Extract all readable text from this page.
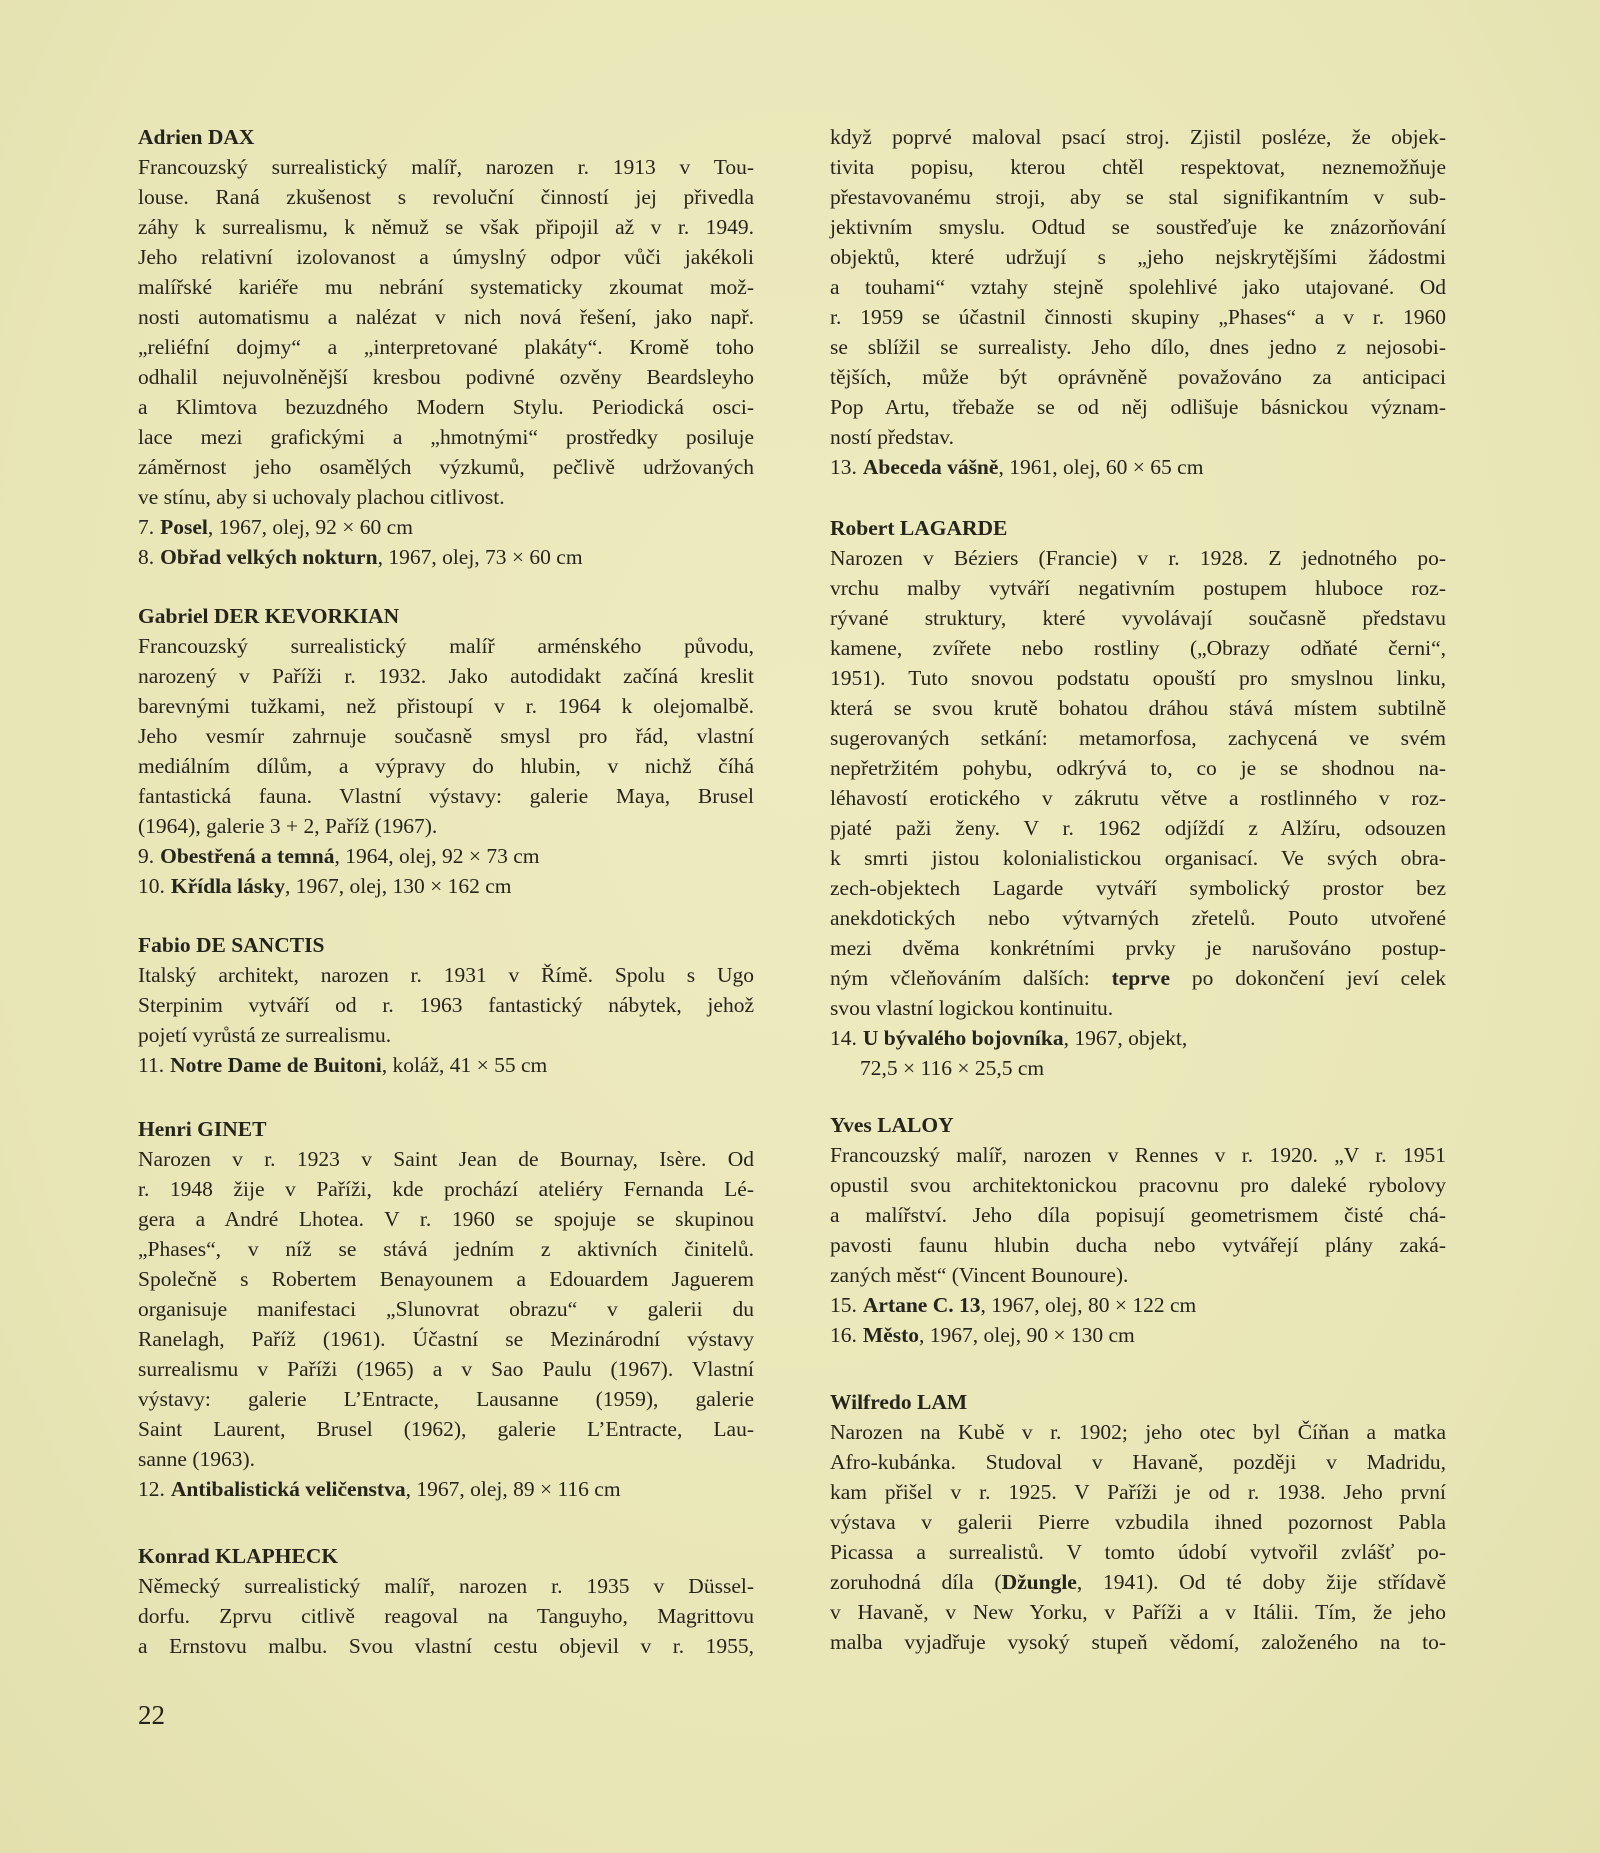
Adrien DAX
Francouzský surrealistický malíř, narozen r. 1913 v Tou-
louse. Raná zkušenost s revoluční činností jej přivedla
záhy k surrealismu, k němuž se však připojil až v r. 1949.
Jeho relativní izolovanost a úmyslný odpor vůči jakékoli
malířské kariéře mu nebrání systematicky zkoumat mož-
nosti automatismu a nalézat v nich nová řešení, jako např.
„reliéfní dojmy“ a „interpretované plakáty“. Kromě toho
odhalil nejuvolněnější kresbou podivné ozvěny Beardsleyho
a Klimtova bezuzdného Modern Stylu. Periodická osci-
lace mezi grafickými a „hmotnými“ prostředky posiluje
záměrnost jeho osamělých výzkumů, pečlivě udržovaných
ve stínu, aby si uchovaly plachou citlivost.
7. Posel, 1967, olej, 92 × 60 cm
8. Obřad velkých nokturn, 1967, olej, 73 × 60 cm
Gabriel DER KEVORKIAN
Francouzský surrealistický malíř arménského původu,
narozený v Paříži r. 1932. Jako autodidakt začíná kreslit
barevnými tužkami, než přistoupí v r. 1964 k olejomalbě.
Jeho vesmír zahrnuje současně smysl pro řád, vlastní
mediálním dílům, a výpravy do hlubin, v nichž číhá
fantastická fauna. Vlastní výstavy: galerie Maya, Brusel
(1964), galerie 3 + 2, Paříž (1967).
9. Obestřená a temná, 1964, olej, 92 × 73 cm
10. Křídla lásky, 1967, olej, 130 × 162 cm
Fabio DE SANCTIS
Italský architekt, narozen r. 1931 v Římě. Spolu s Ugo
Sterpinim vytváří od r. 1963 fantastický nábytek, jehož
pojetí vyrůstá ze surrealismu.
11. Notre Dame de Buitoni, koláž, 41 × 55 cm
Henri GINET
Narozen v r. 1923 v Saint Jean de Bournay, Isère. Od
r. 1948 žije v Paříži, kde prochází ateliéry Fernanda Lé-
gera a André Lhotea. V r. 1960 se spojuje se skupinou
„Phases“, v níž se stává jedním z aktivních činitelů.
Společně s Robertem Benayounem a Edouardem Jaguerem
organisuje manifestaci „Slunovrat obrazu“ v galerii du
Ranelagh, Paříž (1961). Účastní se Mezinárodní výstavy
surrealismu v Paříži (1965) a v Sao Paulu (1967). Vlastní
výstavy: galerie L’Entracte, Lausanne (1959), galerie
Saint Laurent, Brusel (1962), galerie L’Entracte, Lau-
sanne (1963).
12. Antibalistická veličenstva, 1967, olej, 89 × 116 cm
Konrad KLAPHECK
Německý surrealistický malíř, narozen r. 1935 v Düssel-
dorfu. Zprvu citlivě reagoval na Tanguyho, Magrittovu
a Ernstovu malbu. Svou vlastní cestu objevil v r. 1955,
když poprvé maloval psací stroj. Zjistil posléze, že objek-
tivita popisu, kterou chtěl respektovat, neznemožňuje
přestavovanému stroji, aby se stal signifikantním v sub-
jektivním smyslu. Odtud se soustřeďuje ke znázorňování
objektů, které udržují s „jeho nejskrytějšími žádostmi
a touhami“ vztahy stejně spolehlivé jako utajované. Od
r. 1959 se účastnil činnosti skupiny „Phases“ a v r. 1960
se sblížil se surrealisty. Jeho dílo, dnes jedno z nejosobi-
tějších, může být oprávněně považováno za anticipaci
Pop Artu, třebaže se od něj odlišuje básnickou význam-
ností představ.
13. Abeceda vášně, 1961, olej, 60 × 65 cm
Robert LAGARDE
Narozen v Béziers (Francie) v r. 1928. Z jednotného po-
vrchu malby vytváří negativním postupem hluboce roz-
rývané struktury, které vyvolávají současně představu
kamene, zvířete nebo rostliny („Obrazy odňaté černi“,
1951). Tuto snovou podstatu opouští pro smyslnou linku,
která se svou krutě bohatou dráhou stává místem subtilně
sugerovaných setkání: metamorfosa, zachycená ve svém
nepřetržitém pohybu, odkrývá to, co je se shodnou na-
léhavostí erotického v zákrutu větve a rostlinného v roz-
pjaté paži ženy. V r. 1962 odjíždí z Alžíru, odsouzen
k smrti jistou kolonialistickou organisací. Ve svých obra-
zech-objektech Lagarde vytváří symbolický prostor bez
anekdotických nebo výtvarných zřetelů. Pouto utvořené
mezi dvěma konkrétními prvky je narušováno postup-
ným včleňováním dalších: teprve po dokončení jeví celek
svou vlastní logickou kontinuitu.
14. U bývalého bojovníka, 1967, objekt,
72,5 × 116 × 25,5 cm
Yves LALOY
Francouzský malíř, narozen v Rennes v r. 1920. „V r. 1951
opustil svou architektonickou pracovnu pro daleké rybolovy
a malířství. Jeho díla popisují geometrismem čisté chá-
pavosti faunu hlubin ducha nebo vytvářejí plány zaká-
zaných měst“ (Vincent Bounoure).
15. Artane C. 13, 1967, olej, 80 × 122 cm
16. Město, 1967, olej, 90 × 130 cm
Wilfredo LAM
Narozen na Kubě v r. 1902; jeho otec byl Číňan a matka
Afro-kubánka. Studoval v Havaně, později v Madridu,
kam přišel v r. 1925. V Paříži je od r. 1938. Jeho první
výstava v galerii Pierre vzbudila ihned pozornost Pabla
Picassa a surrealistů. V tomto údobí vytvořil zvlášť po-
zoruhodná díla (Džungle, 1941). Od té doby žije střídavě
v Havaně, v New Yorku, v Paříži a v Itálii. Tím, že jeho
malba vyjadřuje vysoký stupeň vědomí, založeného na to-
22
